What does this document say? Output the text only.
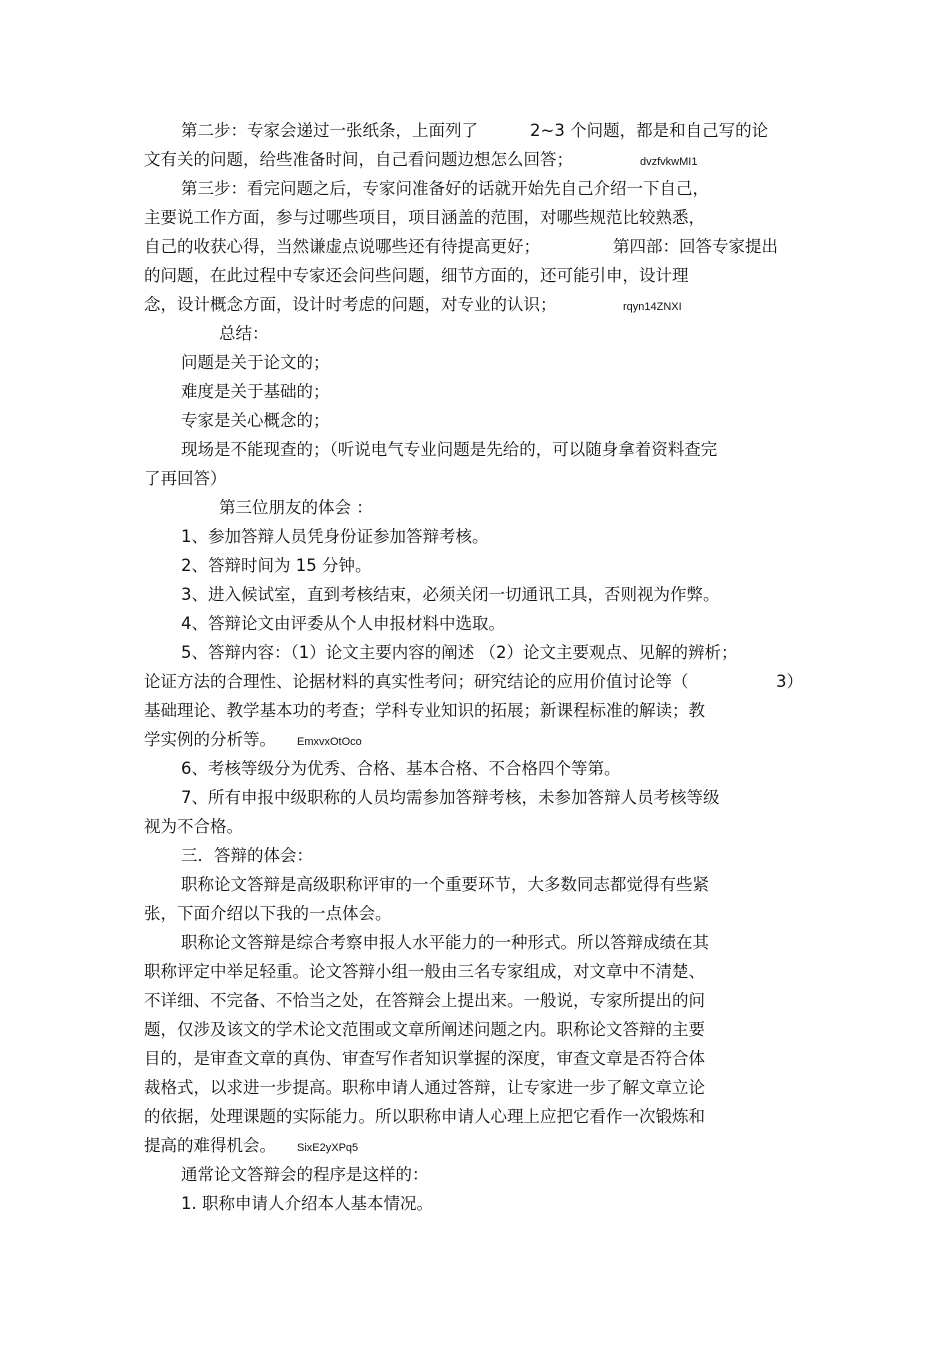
第二步：专家会递过一张纸条，上面列了	2~3 个问题，都是和自己写的论
文有关的问题，给些准备时间，自己看问题边想怎么回答；	dvzfvkwMI1
第三步：看完问题之后，专家问准备好的话就开始先自己介绍一下自己，
主要说工作方面，参与过哪些项目，项目涵盖的范围，对哪些规范比较熟悉，
自己的收获心得，当然谦虚点说哪些还有待提高更好；	第四部：回答专家提出
的问题，在此过程中专家还会问些问题，细节方面的，还可能引申，设计理
念，设计概念方面，设计时考虑的问题，对专业的认识；	rqyn14ZNXI
总结：
问题是关于论文的；
难度是关于基础的；
专家是关心概念的；
现场是不能现查的；（听说电气专业问题是先给的，可以随身拿着资料查完
了再回答）
第三位朋友的体会 ：
1、参加答辩人员凭身份证参加答辩考核。
2、答辩时间为 15 分钟。
3、进入候试室，直到考核结束，必须关闭一切通讯工具，否则视为作弊。
4、答辩论文由评委从个人申报材料中选取。
5、答辩内容：（1）论文主要内容的阐述 （2）论文主要观点、见解的辨析；
论证方法的合理性、论据材料的真实性考问；研究结论的应用价值讨论等（	3）
基础理论、教学基本功的考查；学科专业知识的拓展；新课程标准的解读；教
学实例的分析等。 EmxvxOtOco
6、考核等级分为优秀、合格、基本合格、不合格四个等第。
7、所有申报中级职称的人员均需参加答辩考核，未参加答辩人员考核等级
视为不合格。
三．答辩的体会：
职称论文答辩是高级职称评审的一个重要环节，大多数同志都觉得有些紧
张，下面介绍以下我的一点体会。
职称论文答辩是综合考察申报人水平能力的一种形式。所以答辩成绩在其
职称评定中举足轻重。论文答辩小组一般由三名专家组成，对文章中不清楚、
不详细、不完备、不恰当之处，在答辩会上提出来。一般说，专家所提出的问
题，仅涉及该文的学术论文范围或文章所阐述问题之内。职称论文答辩的主要
目的，是审查文章的真伪、审查写作者知识掌握的深度，审查文章是否符合体
裁格式，以求进一步提高。职称申请人通过答辩，让专家进一步了解文章立论
的依据，处理课题的实际能力。所以职称申请人心理上应把它看作一次锻炼和
提高的难得机会。 SixE2yXPq5
通常论文答辩会的程序是这样的：
1. 职称申请人介绍本人基本情况。
